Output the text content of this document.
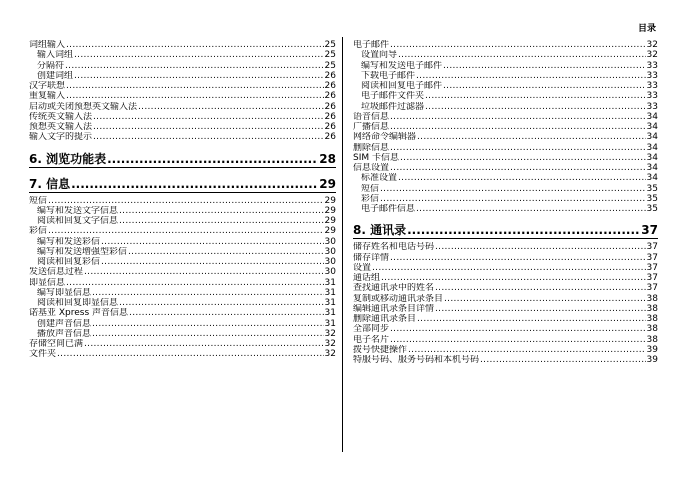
目录
词组输入 .....	25
输入词组 .....	25
分隔符 .....	25
创建词组 .....	26
汉字联想 .....	26
重复输入 .....	26
启动或关闭预想英文输入法 .....	26
传统英文输入法 .....	26
预想英文输入法 .....	26
输入文字的提示 .....	26
6. 浏览功能表 .....	28
7. 信息 .....	29
短信 .....	29
编写和发送文字信息 .....	29
阅读和回复文字信息 .....	29
彩信 .....	29
编写和发送彩信 .....	30
编写和发送增强型彩信 .....	30
阅读和回复彩信 .....	30
发送信息过程 .....	30
即显信息 .....	31
编写即显信息 .....	31
阅读和回复即显信息 .....	31
诺基亚 Xpress 声音信息 .....	31
创建声音信息 .....	31
播放声音信息 .....	32
存储空间已满 .....	32
文件夹 .....	32
电子邮件 .....	32
设置向导 .....	32
编写和发送电子邮件 .....	33
下载电子邮件 .....	33
阅读和回复电子邮件 .....	33
电子邮件文件夹 .....	33
垃圾邮件过滤器 .....	33
语音信息 .....	34
广播信息 .....	34
网络命令编辑器 .....	34
删除信息 .....	34
SIM 卡信息 .....	34
信息设置 .....	34
标准设置 .....	34
短信 .....	35
彩信 .....	35
电子邮件信息 .....	35
8. 通讯录 .....	37
储存姓名和电话号码 .....	37
储存详情 .....	37
设置 .....	37
通话组 .....	37
查找通讯录中的姓名 .....	37
复制或移动通讯录条目 .....	38
编辑通讯录条目详情 .....	38
删除通讯录条目 .....	38
全部同步 .....	38
电子名片 .....	38
拨号快捷操作 .....	39
特服号码、服务号码和本机号码 .....	39
